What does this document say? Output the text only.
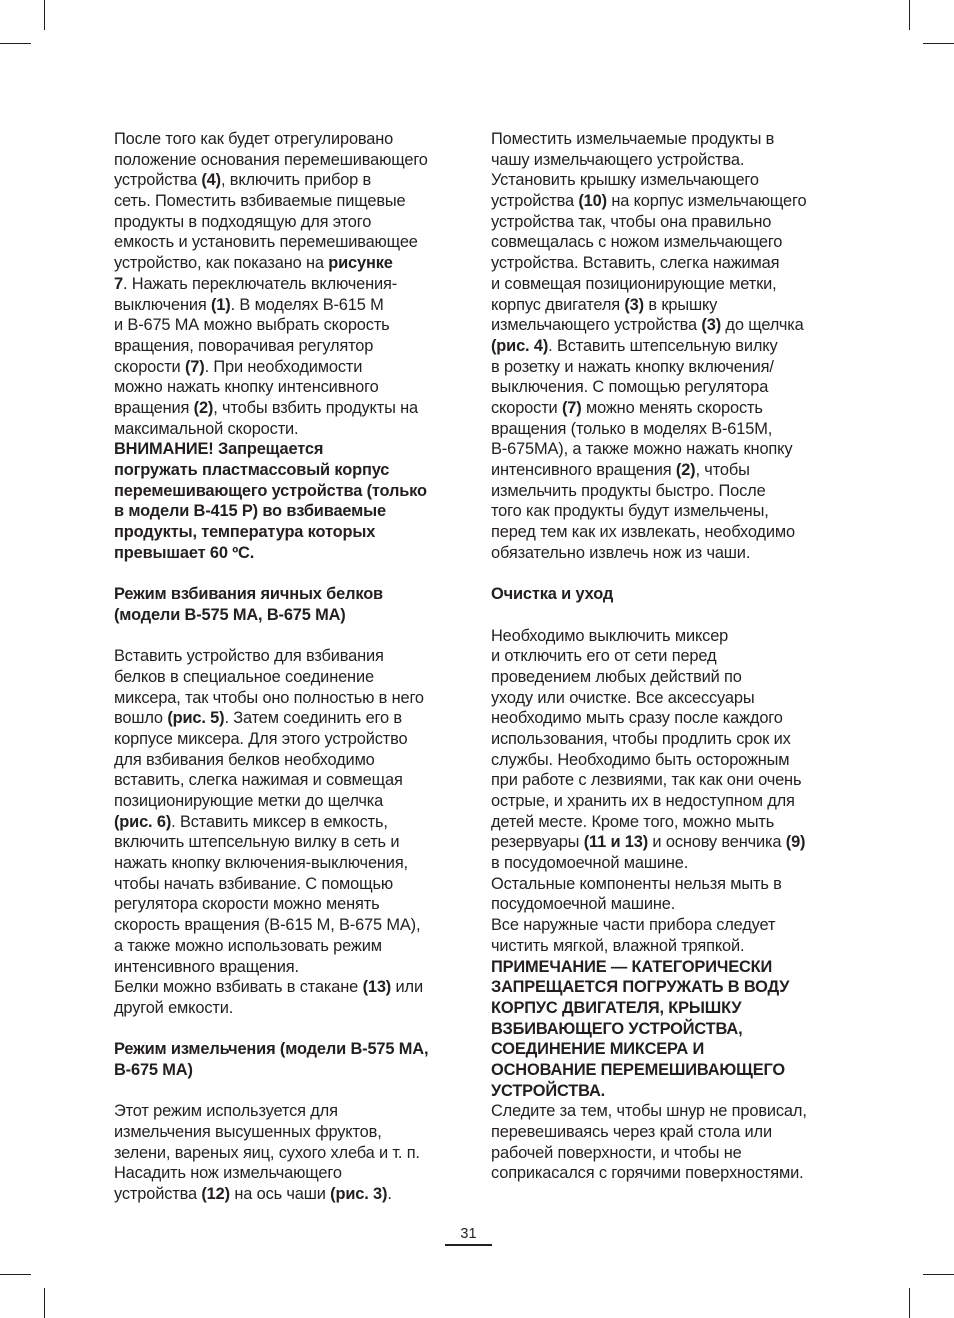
После того как будет отрегулировано
положение основания перемешивающего
устройства (4), включить прибор в
сеть. Поместить взбиваемые пищевые
продукты в подходящую для этого
емкость и установить перемешивающее
устройство, как показано на рисунке
7. Нажать переключатель включения-
выключения (1). В моделях В-615 М
и В-675 МА можно выбрать скорость
вращения, поворачивая регулятор
скорости (7). При необходимости
можно нажать кнопку интенсивного
вращения (2), чтобы взбить продукты на
максимальной скорости.
ВНИМАНИЕ! Запрещается
погружать пластмассовый корпус
перемешивающего устройства (только
в модели В-415 Р) во взбиваемые
продукты, температура которых
превышает 60 ºС.
Режим взбивания яичных белков
(модели В-575 МА, В-675 МА)
Вставить устройство для взбивания
белков в специальное соединение
миксера, так чтобы оно полностью в него
вошло (рис. 5). Затем соединить его в
корпусе миксера. Для этого устройство
для взбивания белков необходимо
вставить, слегка нажимая и совмещая
позиционирующие метки до щелчка
(рис. 6). Вставить миксер в емкость,
включить штепсельную вилку в сеть и
нажать кнопку включения-выключения,
чтобы начать взбивание. С помощью
регулятора скорости можно менять
скорость вращения (В-615 М, В-675 МА),
а также можно использовать режим
интенсивного вращения.
Белки можно взбивать в стакане (13) или
другой емкости.
Режим измельчения (модели В-575 МА,
В-675 МА)
Этот режим используется для
измельчения высушенных фруктов,
зелени, вареных яиц, сухого хлеба и т. п.
Насадить нож измельчающего
устройства (12) на ось чаши (рис. 3).
Поместить измельчаемые продукты в
чашу измельчающего устройства.
Установить крышку измельчающего
устройства (10) на корпус измельчающего
устройства так, чтобы она правильно
совмещалась с ножом измельчающего
устройства. Вставить, слегка нажимая
и совмещая позиционирующие метки,
корпус двигателя (3) в крышку
измельчающего устройства (3) до щелчка
(рис. 4). Вставить штепсельную вилку
в розетку и нажать кнопку включения/
выключения. С помощью регулятора
скорости (7) можно менять скорость
вращения (только в моделях В-615М,
В-675МА), а также можно нажать кнопку
интенсивного вращения (2), чтобы
измельчить продукты быстро. После
того как продукты будут измельчены,
перед тем как их извлекать, необходимо
обязательно извлечь нож из чаши.
Очистка и уход
Необходимо выключить миксер
и отключить его от сети перед
проведением любых действий по
уходу или очистке. Все аксессуары
необходимо мыть сразу после каждого
использования, чтобы продлить срок их
службы. Необходимо быть осторожным
при работе с лезвиями, так как они очень
острые, и хранить их в недоступном для
детей месте. Кроме того, можно мыть
резервуары (11 и 13) и основу венчика (9)
в посудомоечной машине.
Остальные компоненты нельзя мыть в
посудомоечной машине.
Все наружные части прибора следует
чистить мягкой, влажной тряпкой.
ПРИМЕЧАНИЕ — КАТЕГОРИЧЕСКИ
ЗАПРЕЩАЕТСЯ ПОГРУЖАТЬ В ВОДУ
КОРПУС ДВИГАТЕЛЯ, КРЫШКУ
ВЗБИВАЮЩЕГО УСТРОЙСТВА,
СОЕДИНЕНИЕ МИКСЕРА И
ОСНОВАНИЕ ПЕРЕМЕШИВАЮЩЕГО
УСТРОЙСТВА.
Следите за тем, чтобы шнур не провисал,
перевешиваясь через край стола или
рабочей поверхности, и чтобы не
соприкасался с горячими поверхностями.
31
